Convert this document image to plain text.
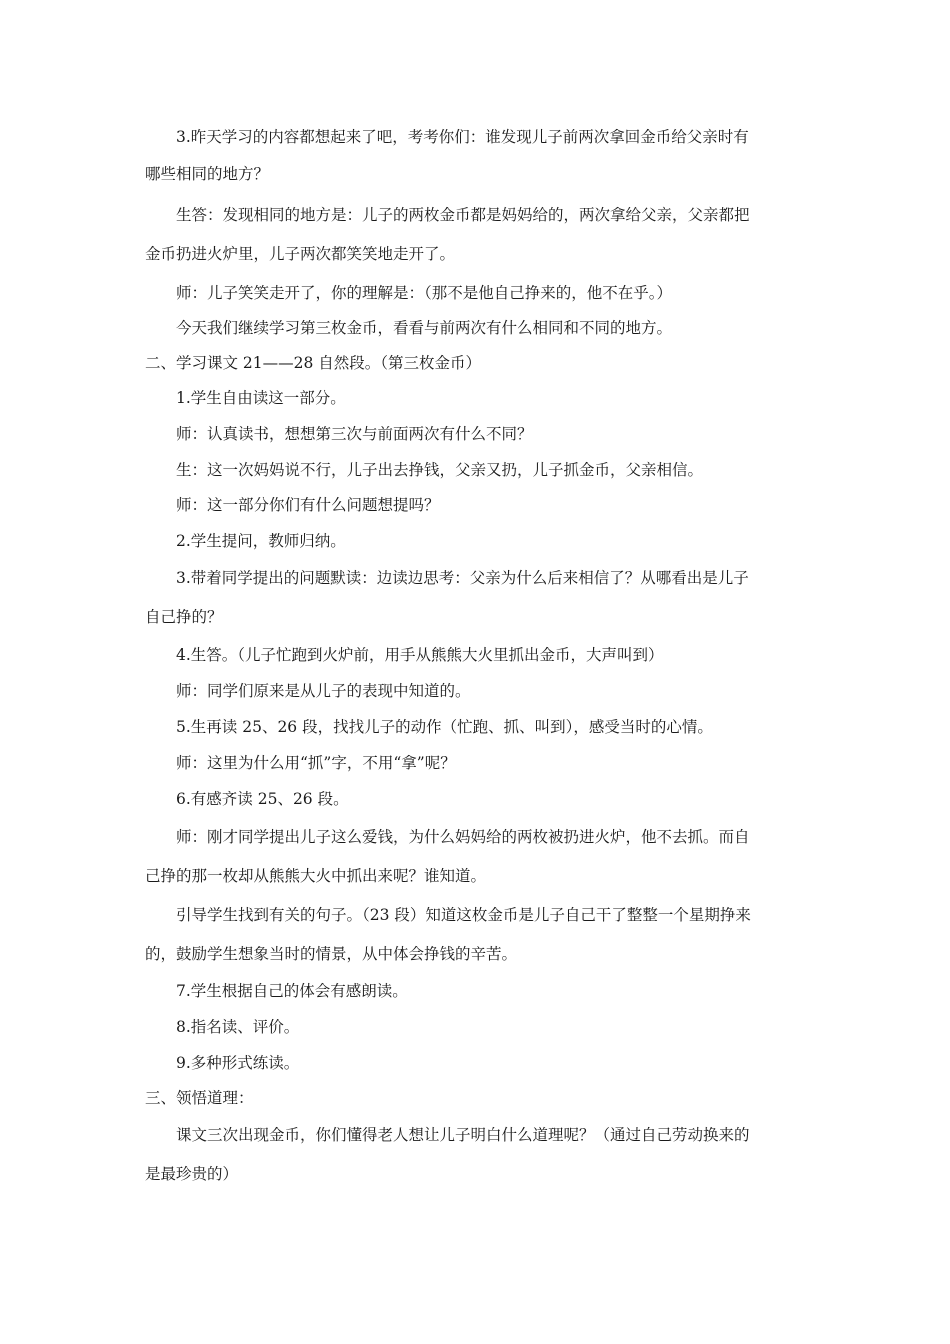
3.昨天学习的内容都想起来了吧，考考你们：谁发现儿子前两次拿回金币给父亲时有
哪些相同的地方？
生答：发现相同的地方是：儿子的两枚金币都是妈妈给的，两次拿给父亲，父亲都把
金币扔进火炉里，儿子两次都笑笑地走开了。
师：儿子笑笑走开了，你的理解是：（那不是他自己挣来的，他不在乎。）
今天我们继续学习第三枚金币，看看与前两次有什么相同和不同的地方。
二、学习课文 21——28 自然段。（第三枚金币）
1.学生自由读这一部分。
师：认真读书，想想第三次与前面两次有什么不同？
生：这一次妈妈说不行，儿子出去挣钱，父亲又扔，儿子抓金币，父亲相信。
师：这一部分你们有什么问题想提吗？
2.学生提问，教师归纳。
3.带着同学提出的问题默读：边读边思考：父亲为什么后来相信了？从哪看出是儿子
自己挣的？
4.生答。（儿子忙跑到火炉前，用手从熊熊大火里抓出金币，大声叫到）
师：同学们原来是从儿子的表现中知道的。
5.生再读 25、26 段，找找儿子的动作（忙跑、抓、叫到），感受当时的心情。
师：这里为什么用“抓”字，不用“拿”呢？
6.有感齐读 25、26 段。
师：刚才同学提出儿子这么爱钱，为什么妈妈给的两枚被扔进火炉，他不去抓。而自
己挣的那一枚却从熊熊大火中抓出来呢？谁知道。
引导学生找到有关的句子。（23 段）知道这枚金币是儿子自己干了整整一个星期挣来
的，鼓励学生想象当时的情景，从中体会挣钱的辛苦。
7.学生根据自己的体会有感朗读。
8.指名读、评价。
9.多种形式练读。
三、领悟道理：
课文三次出现金币，你们懂得老人想让儿子明白什么道理呢？（通过自己劳动换来的
是最珍贵的）
